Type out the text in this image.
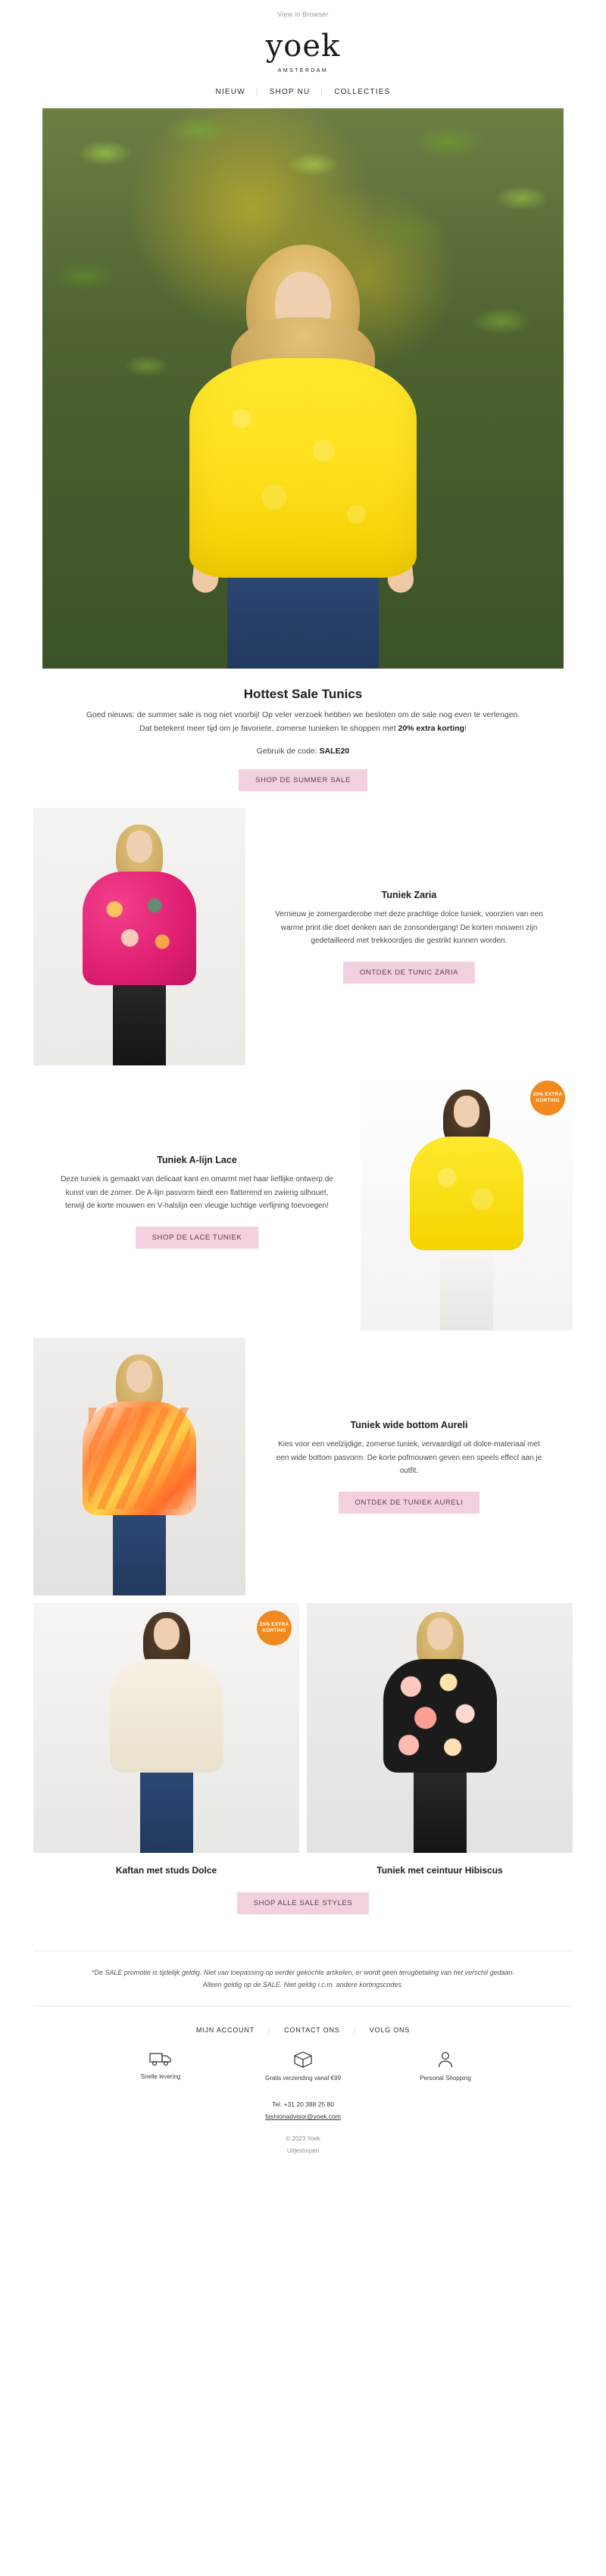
View in Browser
yoek
AMSTERDAM
NIEUW | SHOP NU | COLLECTIES
Hottest Sale Tunics
Goed nieuws: de summer sale is nog niet voorbij! Op veler verzoek hebben we besloten om de sale nog even te verlengen. Dat betekent meer tijd om je favoriete, zomerse tunieken te shoppen met 20% extra korting!
Gebruik de code: SALE20
SHOP DE SUMMER SALE
Tuniek Zaria

Vernieuw je zomergarderobe met deze prachtige dolce tuniek, voorzien van een warme print die doet denken aan de zonsondergang! De korten mouwen zijn gedetailleerd met trekkoordjes die gestrikt kunnen worden.

ONTDEK DE TUNIC ZARIA
Tuniek A-lijn Lace

Deze tuniek is gemaakt van delicaat kant en omarmt met haar lieflijke ontwerp de kunst van de zomer. De A-lijn pasvorm biedt een flatterend en zwierig silhouet, terwijl de korte mouwen en V-halslijn een vleugje luchtige verfijning toevoegen!

SHOP DE LACE TUNIEK
20% EXTRA KORTING
Tuniek wide bottom Aureli

Kies voor een veelzijdige, zomerse tuniek, vervaardigd uit dolce-materiaal met een wide bottom pasvorm. De korte pofmouwen geven een speels effect aan je outfit.

ONTDEK DE TUNIEK AURELI
20% EXTRA KORTING
Kaftan met studs Dolce	Tuniek met ceintuur Hibiscus
SHOP ALLE SALE STYLES
*De SALE promotie is tijdelijk geldig. Niet van toepassing op eerder gekochte artikelen, er wordt geen terugbetaling van het verschil gedaan. Alleen geldig op de SALE. Niet geldig i.c.m. andere kortingscodes.
MIJN ACCOUNT | CONTACT ONS | VOLG ONS
Snelle levering	Gratis verzending vanaf €99	Personal Shopping
Tel. +31 20 388 25 80
fashionadvisor@yoek.com
© 2023 Yoek
Uitjeshripen
